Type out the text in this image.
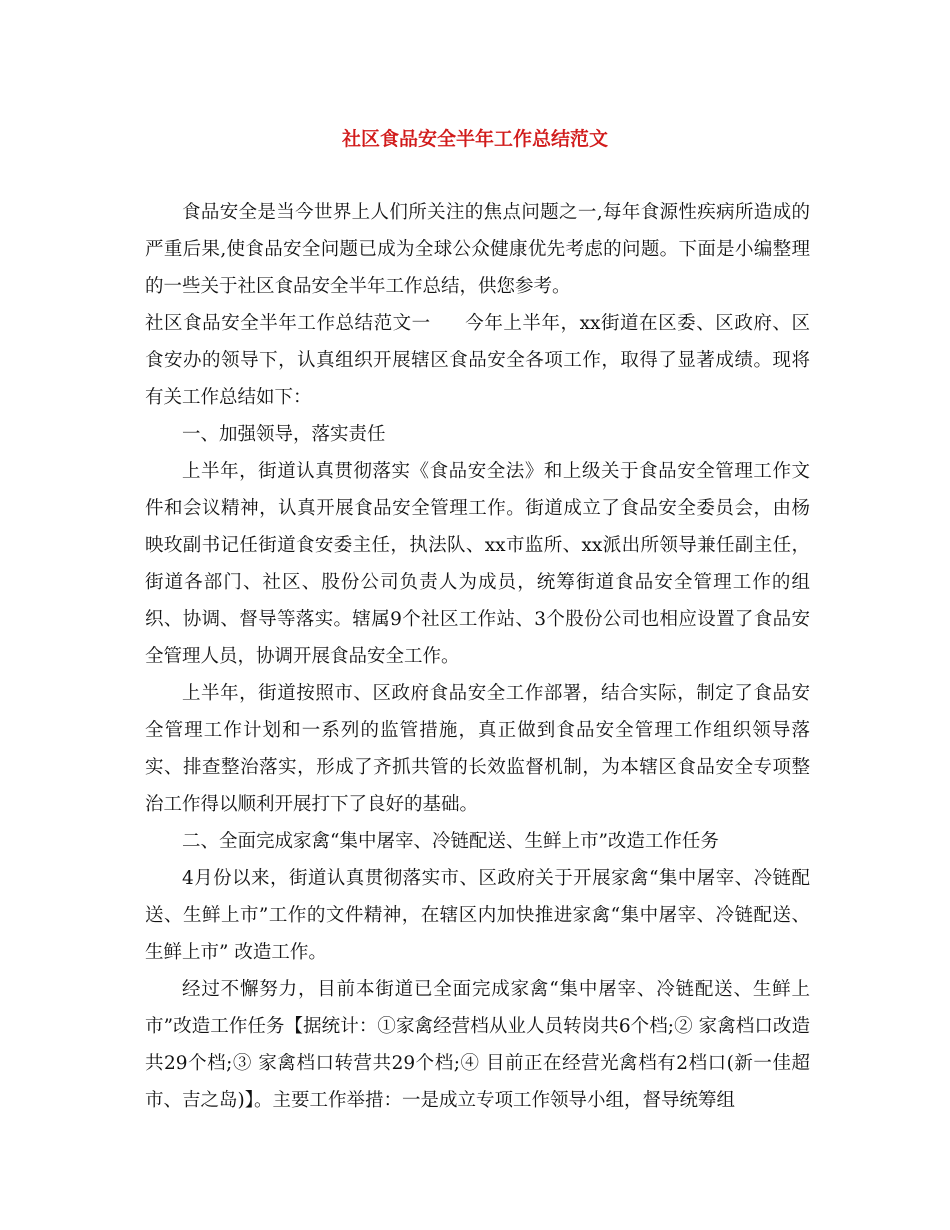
社区食品安全半年工作总结范文

食品安全是当今世界上人们所关注的焦点问题之一,每年食源性疾病所造成的严重后果,使食品安全问题已成为全球公众健康优先考虑的问题。下面是小编整理的一些关于社区食品安全半年工作总结，供您参考。

社区食品安全半年工作总结范文一 今年上半年，xx街道在区委、区政府、区食安办的领导下，认真组织开展辖区食品安全各项工作，取得了显著成绩。现将有关工作总结如下：

一、加强领导，落实责任

上半年，街道认真贯彻落实《食品安全法》和上级关于食品安全管理工作文件和会议精神，认真开展食品安全管理工作。街道成立了食品安全委员会，由杨映玫副书记任街道食安委主任，执法队、xx市监所、xx派出所领导兼任副主任，街道各部门、社区、股份公司负责人为成员，统筹街道食品安全管理工作的组织、协调、督导等落实。辖属9个社区工作站、3个股份公司也相应设置了食品安全管理人员，协调开展食品安全工作。

上半年，街道按照市、区政府食品安全工作部署，结合实际，制定了食品安全管理工作计划和一系列的监管措施，真正做到食品安全管理工作组织领导落实、排查整治落实，形成了齐抓共管的长效监督机制，为本辖区食品安全专项整治工作得以顺利开展打下了良好的基础。

二、全面完成家禽“集中屠宰、冷链配送、生鲜上市”改造工作任务

4月份以来，街道认真贯彻落实市、区政府关于开展家禽“集中屠宰、冷链配送、生鲜上市”工作的文件精神，在辖区内加快推进家禽“集中屠宰、冷链配送、生鲜上市” 改造工作。

经过不懈努力，目前本街道已全面完成家禽“集中屠宰、冷链配送、生鲜上市”改造工作任务【据统计：①家禽经营档从业人员转岗共6个档;② 家禽档口改造共29个档;③ 家禽档口转营共29个档;④ 目前正在经营光禽档有2档口(新一佳超市、吉之岛)】。主要工作举措：一是成立专项工作领导小组，督导统筹组
